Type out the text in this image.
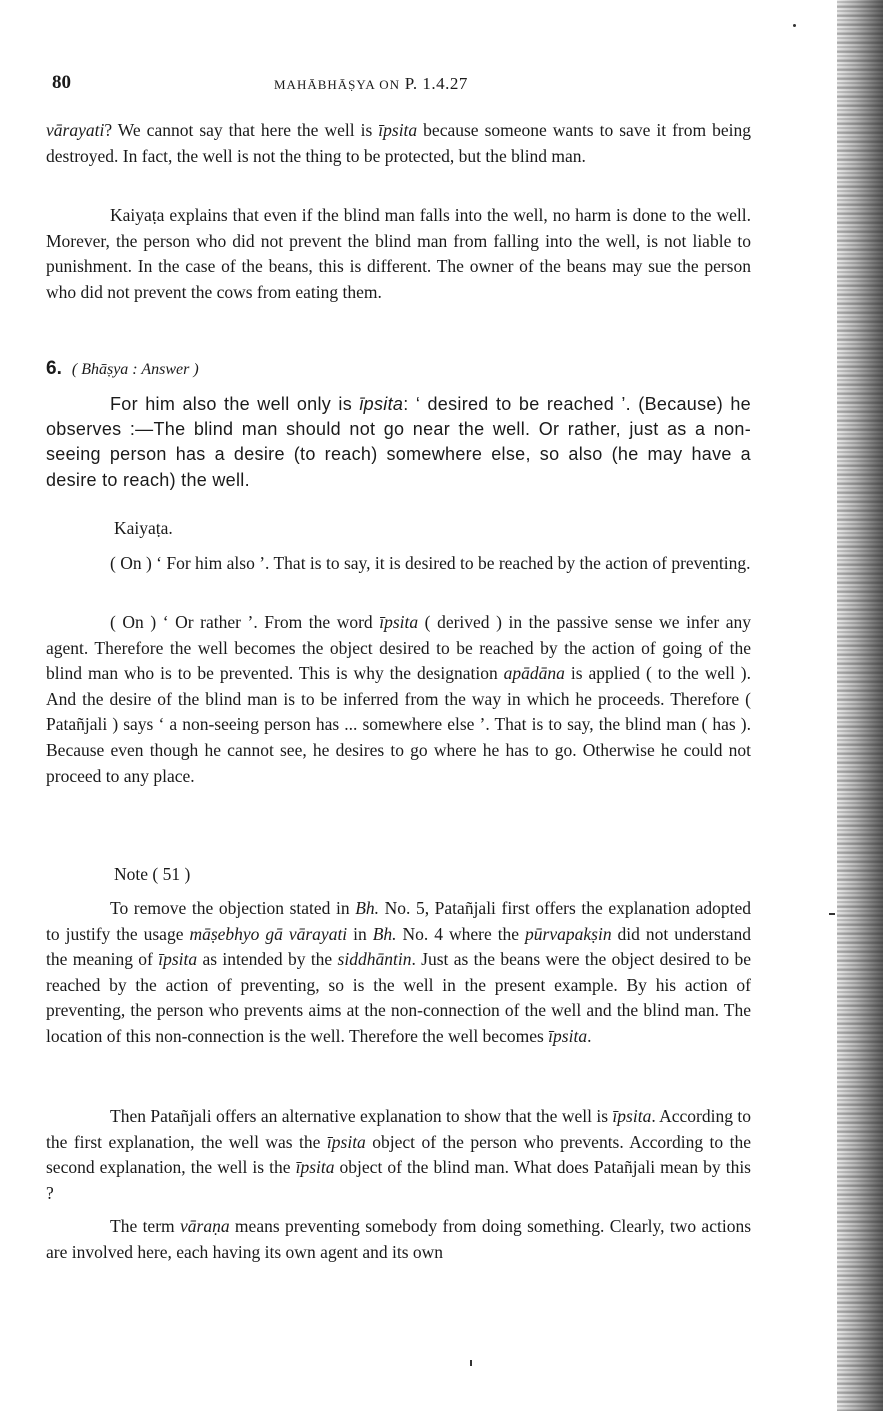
80	MAHĀBHĀṢYA ON P. 1.4.27
vārayati? We cannot say that here the well is īpsita because someone wants to save it from being destroyed. In fact, the well is not the thing to be protected, but the blind man.
Kaiyaṭa explains that even if the blind man falls into the well, no harm is done to the well. Morever, the person who did not prevent the blind man from falling into the well, is not liable to punishment. In the case of the beans, this is different. The owner of the beans may sue the person who did not prevent the cows from eating them.
6. ( Bhāṣya : Answer )
For him also the well only is īpsita: ‘ desired to be reached ’. (Because) he observes :—The blind man should not go near the well. Or rather, just as a non-seeing person has a desire (to reach) somewhere else, so also (he may have a desire to reach) the well.
Kaiyaṭa.
( On ) ‘ For him also ’. That is to say, it is desired to be reached by the action of preventing.
( On ) ‘ Or rather ’. From the word īpsita ( derived ) in the passive sense we infer any agent. Therefore the well becomes the object desired to be reached by the action of going of the blind man who is to be prevented. This is why the designation apādāna is applied ( to the well ). And the desire of the blind man is to be inferred from the way in which he proceeds. Therefore ( Patañjali ) says ‘ a non-seeing person has ... somewhere else ’. That is to say, the blind man ( has ). Because even though he cannot see, he desires to go where he has to go. Otherwise he could not proceed to any place.
Note ( 51 )
To remove the objection stated in Bh. No. 5, Patañjali first offers the explanation adopted to justify the usage māṣebhyo gā vārayati in Bh. No. 4 where the pūrvapakṣin did not understand the meaning of īpsita as intended by the siddhāntin. Just as the beans were the object desired to be reached by the action of preventing, so is the well in the present example. By his action of preventing, the person who prevents aims at the non-connection of the well and the blind man. The location of this non-connection is the well. Therefore the well becomes īpsita.
Then Patañjali offers an alternative explanation to show that the well is īpsita. According to the first explanation, the well was the īpsita object of the person who prevents. According to the second explanation, the well is the īpsita object of the blind man. What does Patañjali mean by this ?
The term vāraṇa means preventing somebody from doing something. Clearly, two actions are involved here, each having its own agent and its own
